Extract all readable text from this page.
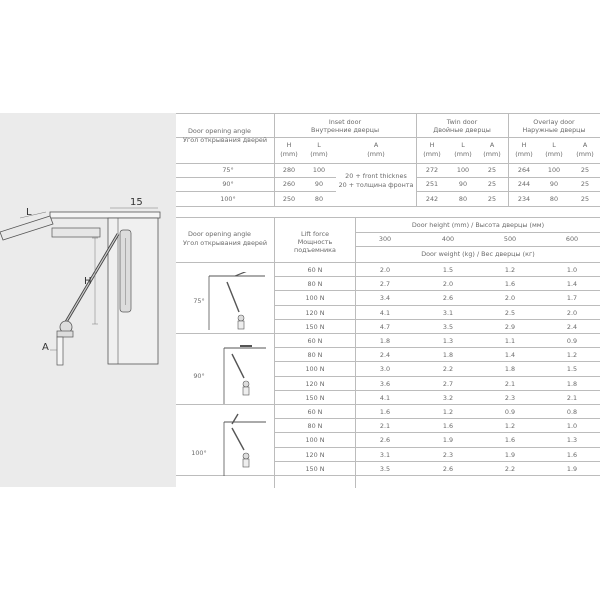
L
H
A
15
Door opening angle
Угол открывания дверей
Inset door
Внутренние дверцы
Twin door
Двойные дверцы
Overlay door
Наружные дверцы
H
(mm)
L
(mm)
A
(mm)
H
(mm)
L
(mm)
A
(mm)
H
(mm)
L
(mm)
A
(mm)
20 + front thicknes
20 + толщина фронта
75°	280	100	272	100	25	264	100	25
90°	260	90	251	90	25	244	90	25
100°	250	80	242	80	25	234	80	25
Door opening angle
Угол открывания дверей
Lift force
Мощность
подъемника
Door height (mm) / Высота дверцы (мм)
300	400	500	600
Door weight (kg) / Вес дверцы (кг)
75°
60 N	2.0	1.5	1.2	1.0
80 N	2.7	2.0	1.6	1.4
100 N	3.4	2.6	2.0	1.7
120 N	4.1	3.1	2.5	2.0
150 N	4.7	3.5	2.9	2.4
90°
60 N	1.8	1.3	1.1	0.9
80 N	2.4	1.8	1.4	1.2
100 N	3.0	2.2	1.8	1.5
120 N	3.6	2.7	2.1	1.8
150 N	4.1	3.2	2.3	2.1
100°
60 N	1.6	1.2	0.9	0.8
80 N	2.1	1.6	1.2	1.0
100 N	2.6	1.9	1.6	1.3
120 N	3.1	2.3	1.9	1.6
150 N	3.5	2.6	2.2	1.9
